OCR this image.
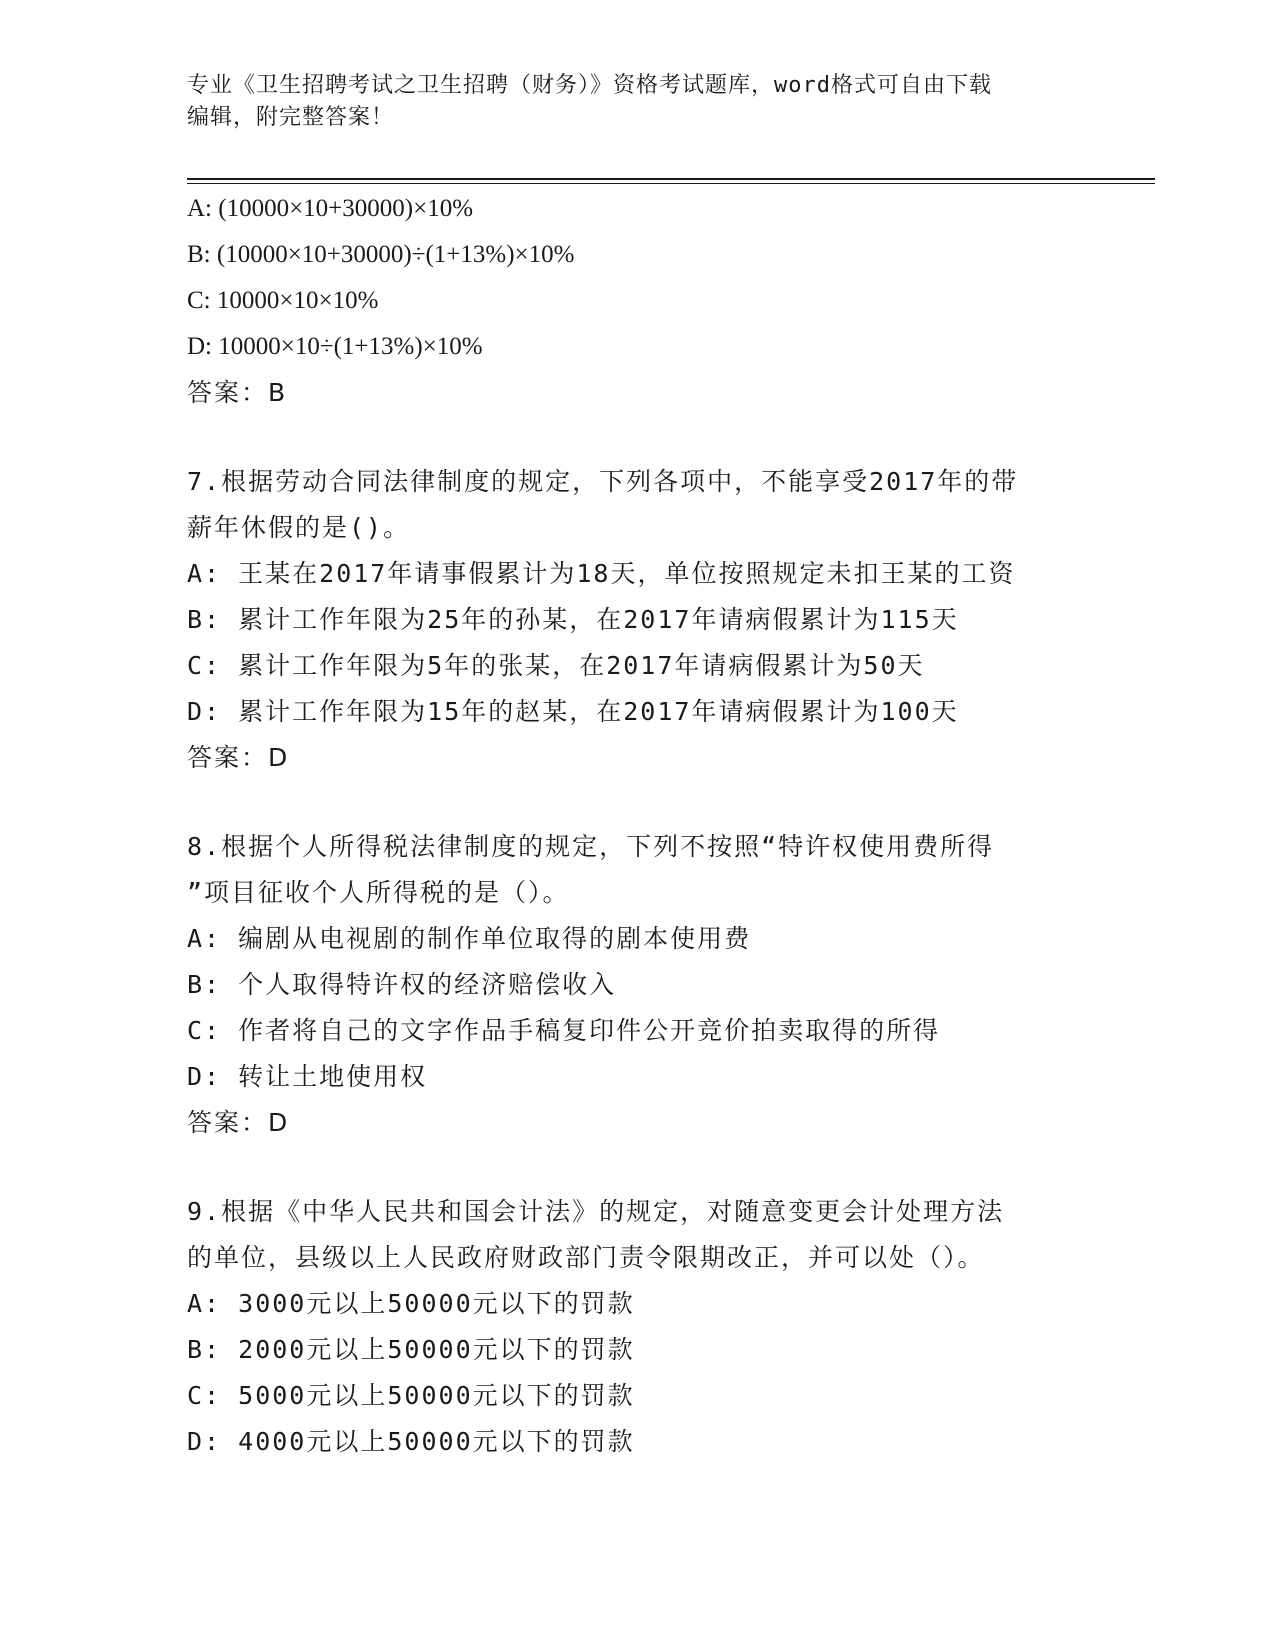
专业《卫生招聘考试之卫生招聘（财务）》资格考试题库，word格式可自由下载
编辑，附完整答案！
A: (10000×10+30000)×10%
B: (10000×10+30000)÷(1+13%)×10%
C: 10000×10×10%
D: 10000×10÷(1+13%)×10%
答案：B
7.根据劳动合同法律制度的规定，下列各项中，不能享受2017年的带
薪年休假的是()。
A: 王某在2017年请事假累计为18天，单位按照规定未扣王某的工资
B: 累计工作年限为25年的孙某，在2017年请病假累计为115天
C: 累计工作年限为5年的张某，在2017年请病假累计为50天
D: 累计工作年限为15年的赵某，在2017年请病假累计为100天
答案：D
8.根据个人所得税法律制度的规定，下列不按照“特许权使用费所得
”项目征收个人所得税的是（）。
A: 编剧从电视剧的制作单位取得的剧本使用费
B: 个人取得特许权的经济赔偿收入
C: 作者将自己的文字作品手稿复印件公开竞价拍卖取得的所得
D: 转让土地使用权
答案：D
9.根据《中华人民共和国会计法》的规定，对随意变更会计处理方法
的单位，县级以上人民政府财政部门责令限期改正，并可以处（）。
A: 3000元以上50000元以下的罚款
B: 2000元以上50000元以下的罚款
C: 5000元以上50000元以下的罚款
D: 4000元以上50000元以下的罚款
